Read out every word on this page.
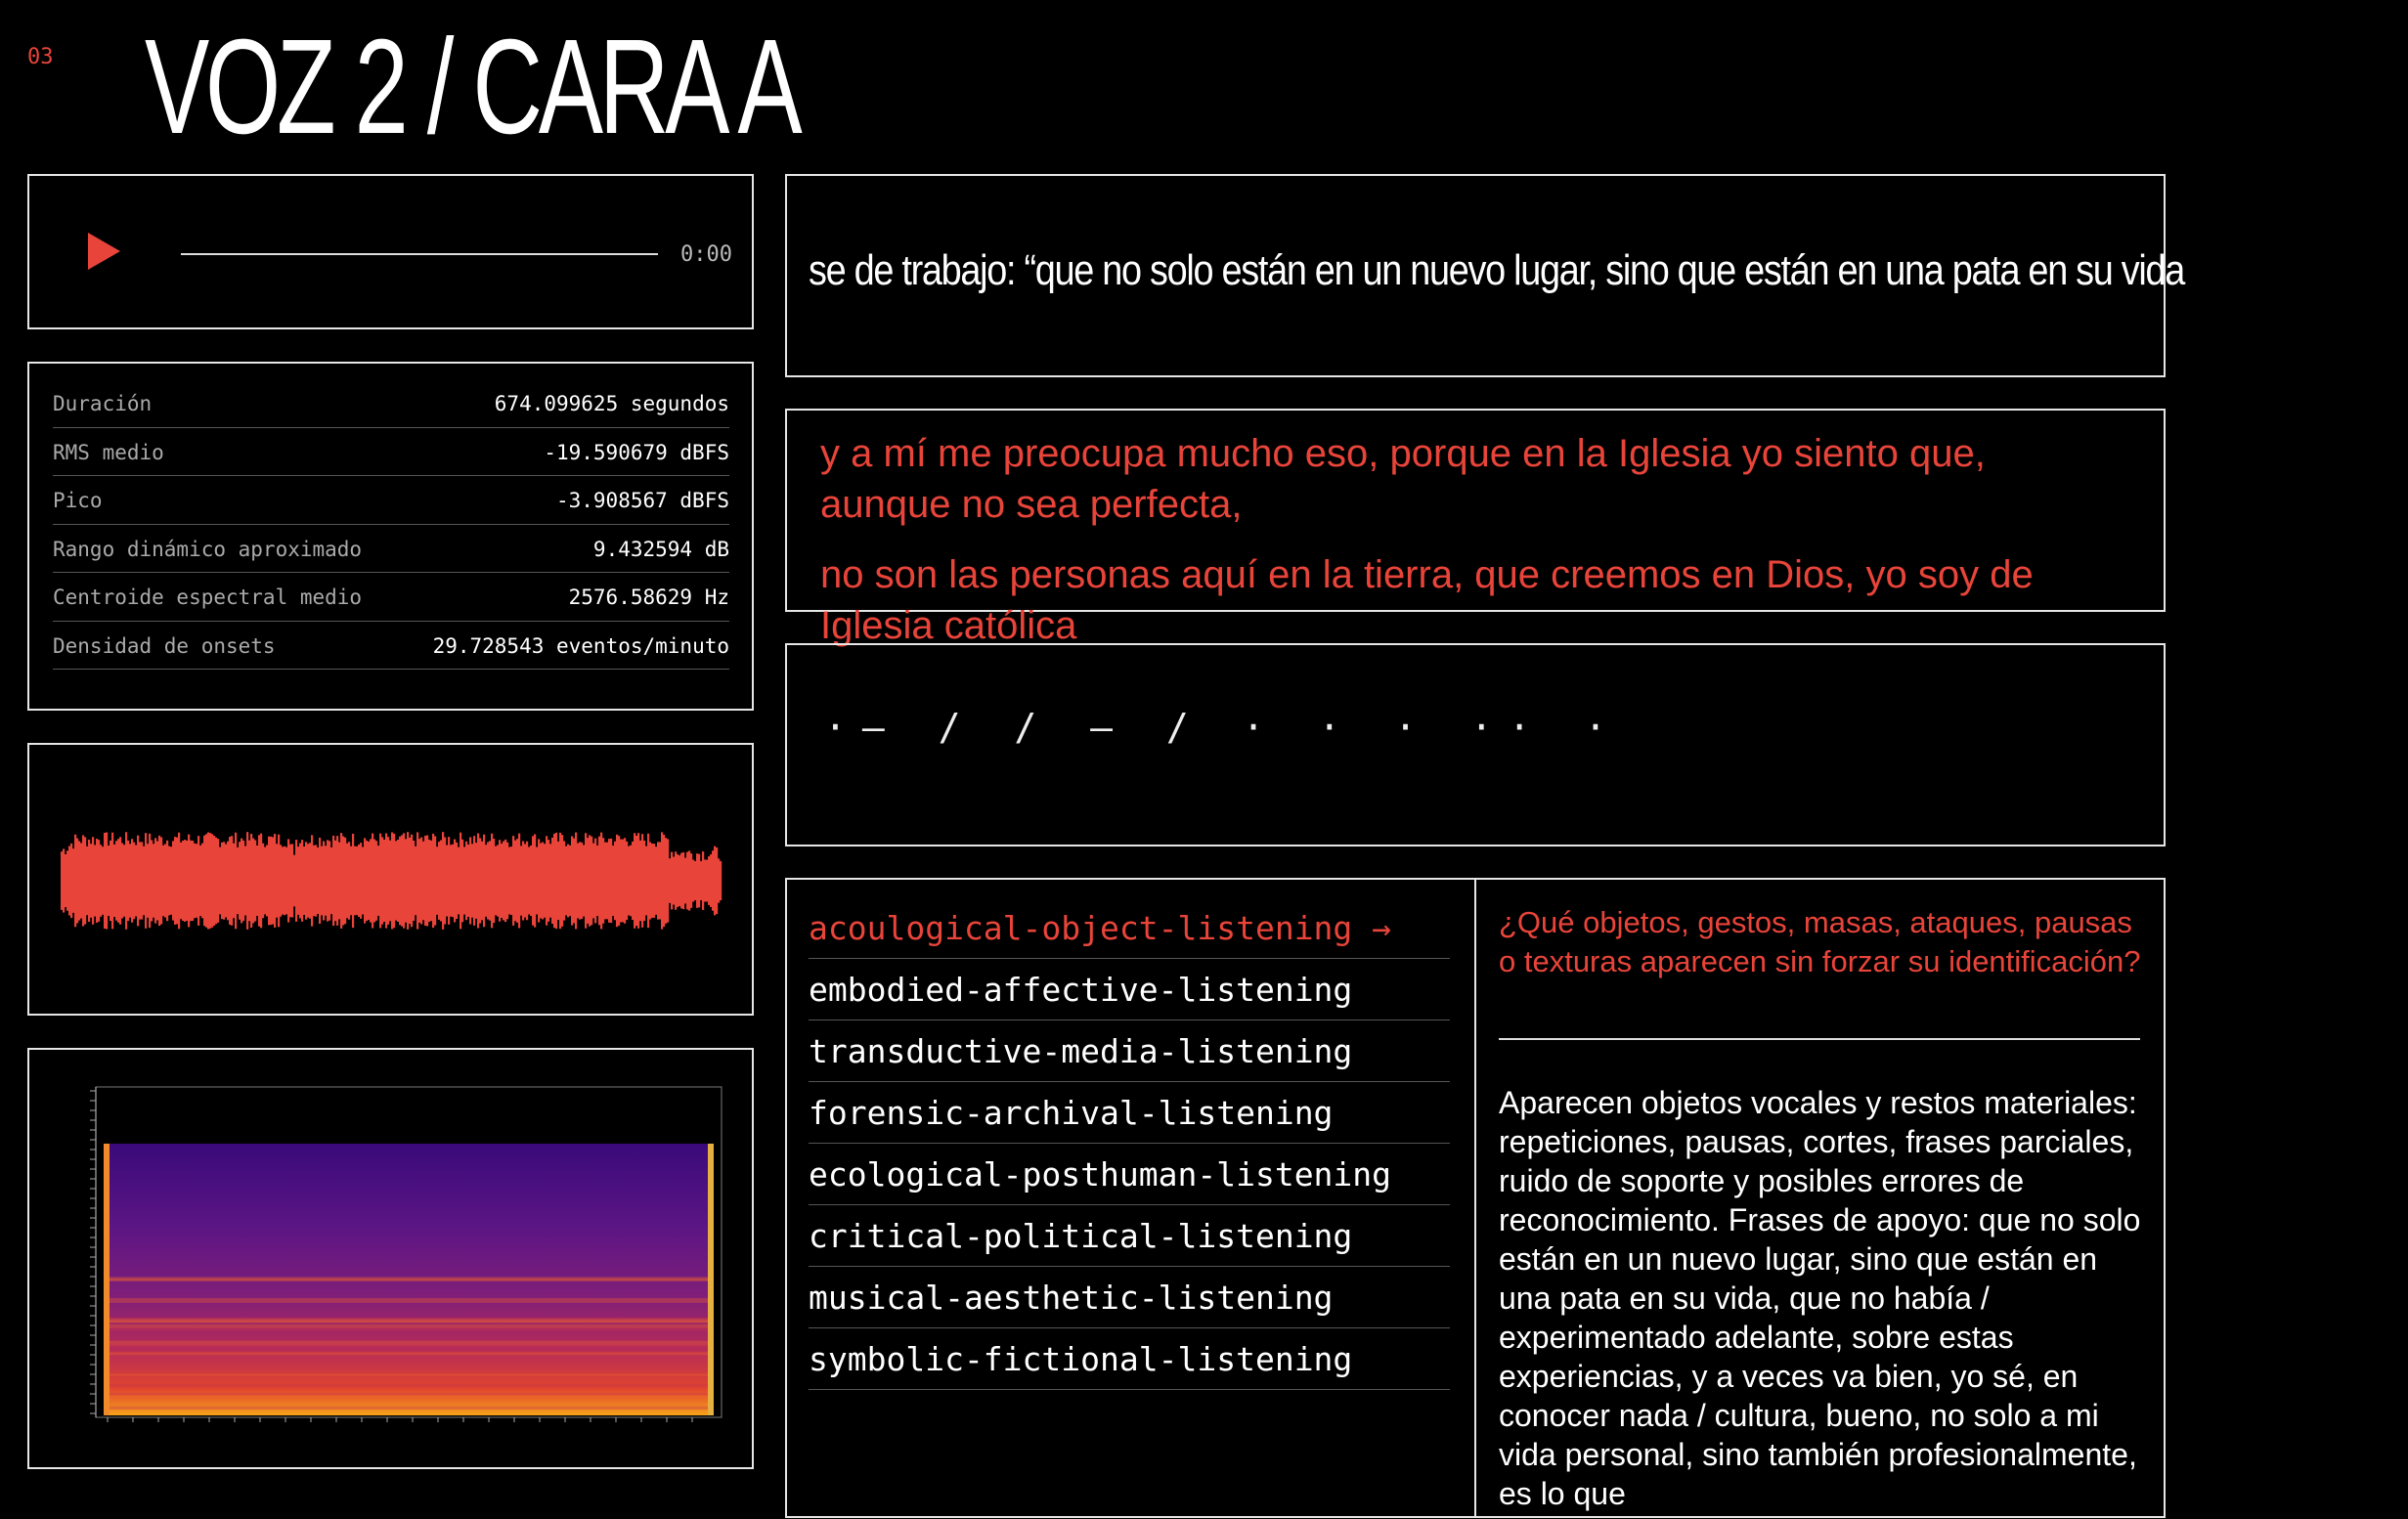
03 VOZ 2 / CARA A
0:00
Duración	674.099625 segundos
RMS medio	-19.590679 dBFS
Pico	-3.908567 dBFS
Rango dinámico aproximado	9.432594 dB
Centroide espectral medio	2576.58629 Hz
Densidad de onsets	29.728543 eventos/minuto
se de trabajo: “que no solo están en un nuevo lugar, sino que están en una pata en su vida

y a mí me preocupa mucho eso, porque en la Iglesia yo siento que, aunque no sea perfecta,

no son las personas aquí en la tierra, que creemos en Dios, yo soy de Iglesia católica

·— / / — / · · · ·· ·
acoulogical-object-listening →
embodied-affective-listening
transductive-media-listening
forensic-archival-listening
ecological-posthuman-listening
critical-political-listening
musical-aesthetic-listening
symbolic-fictional-listening
¿Qué objetos, gestos, masas, ataques, pausas o texturas aparecen sin forzar su identificación?
Aparecen objetos vocales y restos materiales: repeticiones, pausas, cortes, frases parciales, ruido de soporte y posibles errores de reconocimiento. Frases de apoyo: que no solo están en un nuevo lugar, sino que están en una pata en su vida, que no había / experimentado adelante, sobre estas experiencias, y a veces va bien, yo sé, en conocer nada / cultura, bueno, no solo a mi vida personal, sino también profesionalmente, es lo que
